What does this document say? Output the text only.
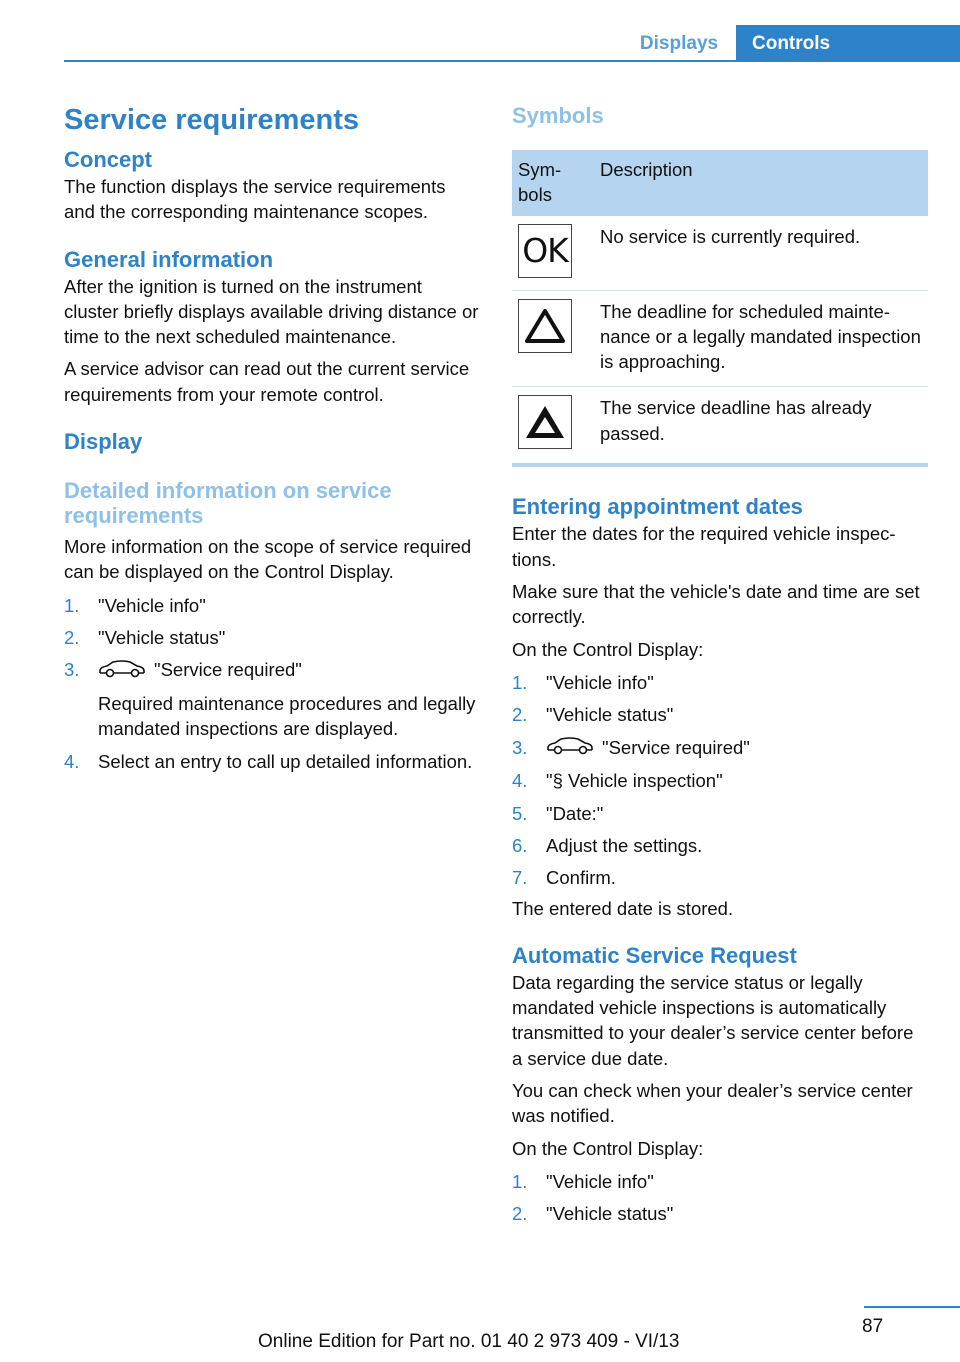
Displays	Controls
Service requirements
Concept

The function displays the service requirements and the corresponding maintenance scopes.

General information

After the ignition is turned on the instrument cluster briefly displays available driving distance or time to the next scheduled maintenance.

A service advisor can read out the current service requirements from your remote control.

Display
Detailed information on service requirements

More information on the scope of service required can be displayed on the Control Display.

1. "Vehicle info"
2. "Vehicle status"
3.	"Service required"
Required maintenance procedures and legally mandated inspections are displayed.
4. Select an entry to call up detailed information.
Symbols
Symbols	Description

OK	No service is currently required.

	The deadline for scheduled maintenance or a legally mandated inspection is approaching.

	The service deadline has already passed.
Entering appointment dates

Enter the dates for the required vehicle inspections.

Make sure that the vehicle's date and time are set correctly.

On the Control Display:

1. "Vehicle info"
2. "Vehicle status"
3.	"Service required"
4. "§ Vehicle inspection"
5. "Date:"
6. Adjust the settings.
7. Confirm.

The entered date is stored.

Automatic Service Request

Data regarding the service status or legally mandated vehicle inspections is automatically transmitted to your dealer’s service center before a service due date.

You can check when your dealer’s service center was notified.

On the Control Display:

1. "Vehicle info"
2. "Vehicle status"
87
Online Edition for Part no. 01 40 2 973 409 - VI/13
